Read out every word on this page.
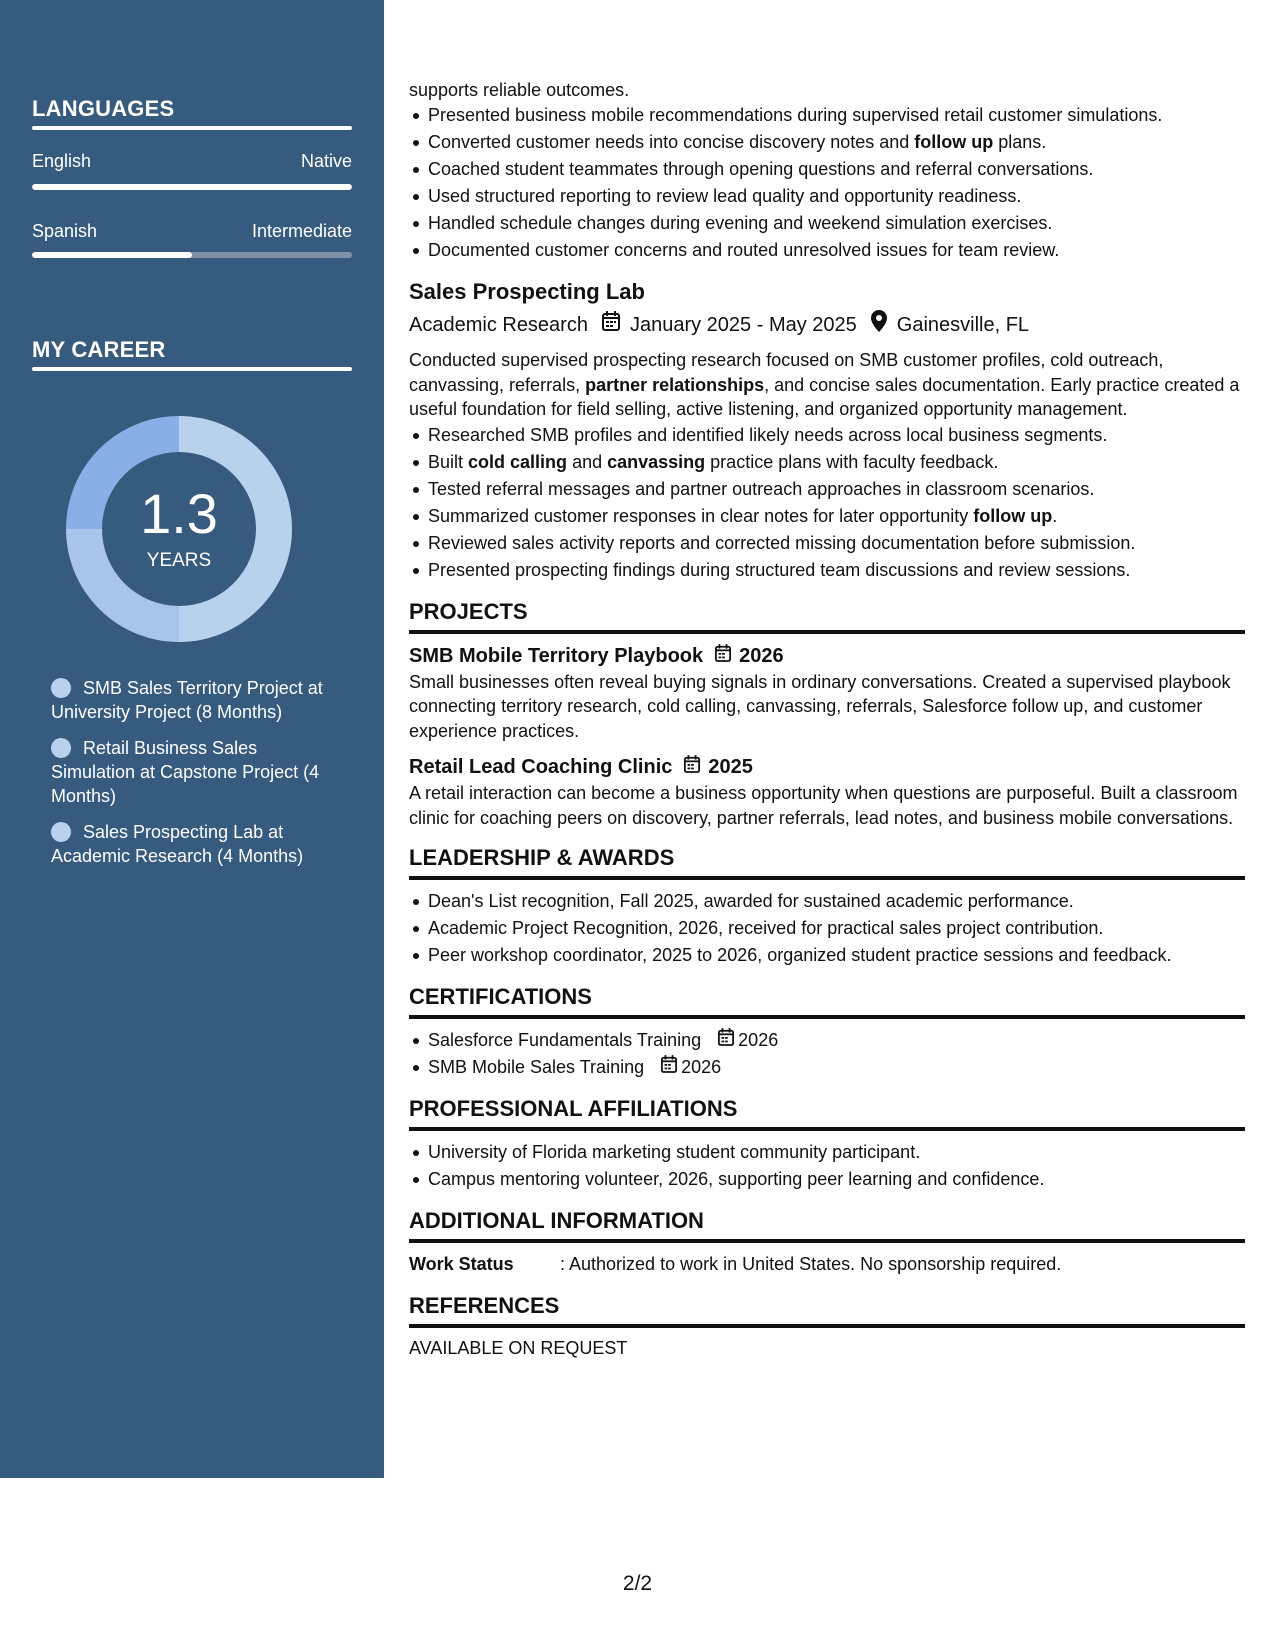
LANGUAGES
English	Native
Spanish	Intermediate
MY CAREER
1.3
YEARS
SMB Sales Territory Project at University Project (8 Months)
Retail Business Sales Simulation at Capstone Project (4 Months)
Sales Prospecting Lab at Academic Research (4 Months)
supports reliable outcomes.
Presented business mobile recommendations during supervised retail customer simulations.
Converted customer needs into concise discovery notes and follow up plans.
Coached student teammates through opening questions and referral conversations.
Used structured reporting to review lead quality and opportunity readiness.
Handled schedule changes during evening and weekend simulation exercises.
Documented customer concerns and routed unresolved issues for team review.
Sales Prospecting Lab
Academic Research January 2025 - May 2025 Gainesville, FL
Conducted supervised prospecting research focused on SMB customer profiles, cold outreach, canvassing, referrals, partner relationships, and concise sales documentation. Early practice created a useful foundation for field selling, active listening, and organized opportunity management.
Researched SMB profiles and identified likely needs across local business segments.
Built cold calling and canvassing practice plans with faculty feedback.
Tested referral messages and partner outreach approaches in classroom scenarios.
Summarized customer responses in clear notes for later opportunity follow up.
Reviewed sales activity reports and corrected missing documentation before submission.
Presented prospecting findings during structured team discussions and review sessions.
PROJECTS
SMB Mobile Territory Playbook 2026
Small businesses often reveal buying signals in ordinary conversations. Created a supervised playbook connecting territory research, cold calling, canvassing, referrals, Salesforce follow up, and customer experience practices.
Retail Lead Coaching Clinic 2025
A retail interaction can become a business opportunity when questions are purposeful. Built a classroom clinic for coaching peers on discovery, partner referrals, lead notes, and business mobile conversations.
LEADERSHIP & AWARDS
Dean's List recognition, Fall 2025, awarded for sustained academic performance.
Academic Project Recognition, 2026, received for practical sales project contribution.
Peer workshop coordinator, 2025 to 2026, organized student practice sessions and feedback.
CERTIFICATIONS
Salesforce Fundamentals Training 2026
SMB Mobile Sales Training 2026
PROFESSIONAL AFFILIATIONS
University of Florida marketing student community participant.
Campus mentoring volunteer, 2026, supporting peer learning and confidence.
ADDITIONAL INFORMATION
Work Status	: Authorized to work in United States. No sponsorship required.
REFERENCES
AVAILABLE ON REQUEST
2/2
